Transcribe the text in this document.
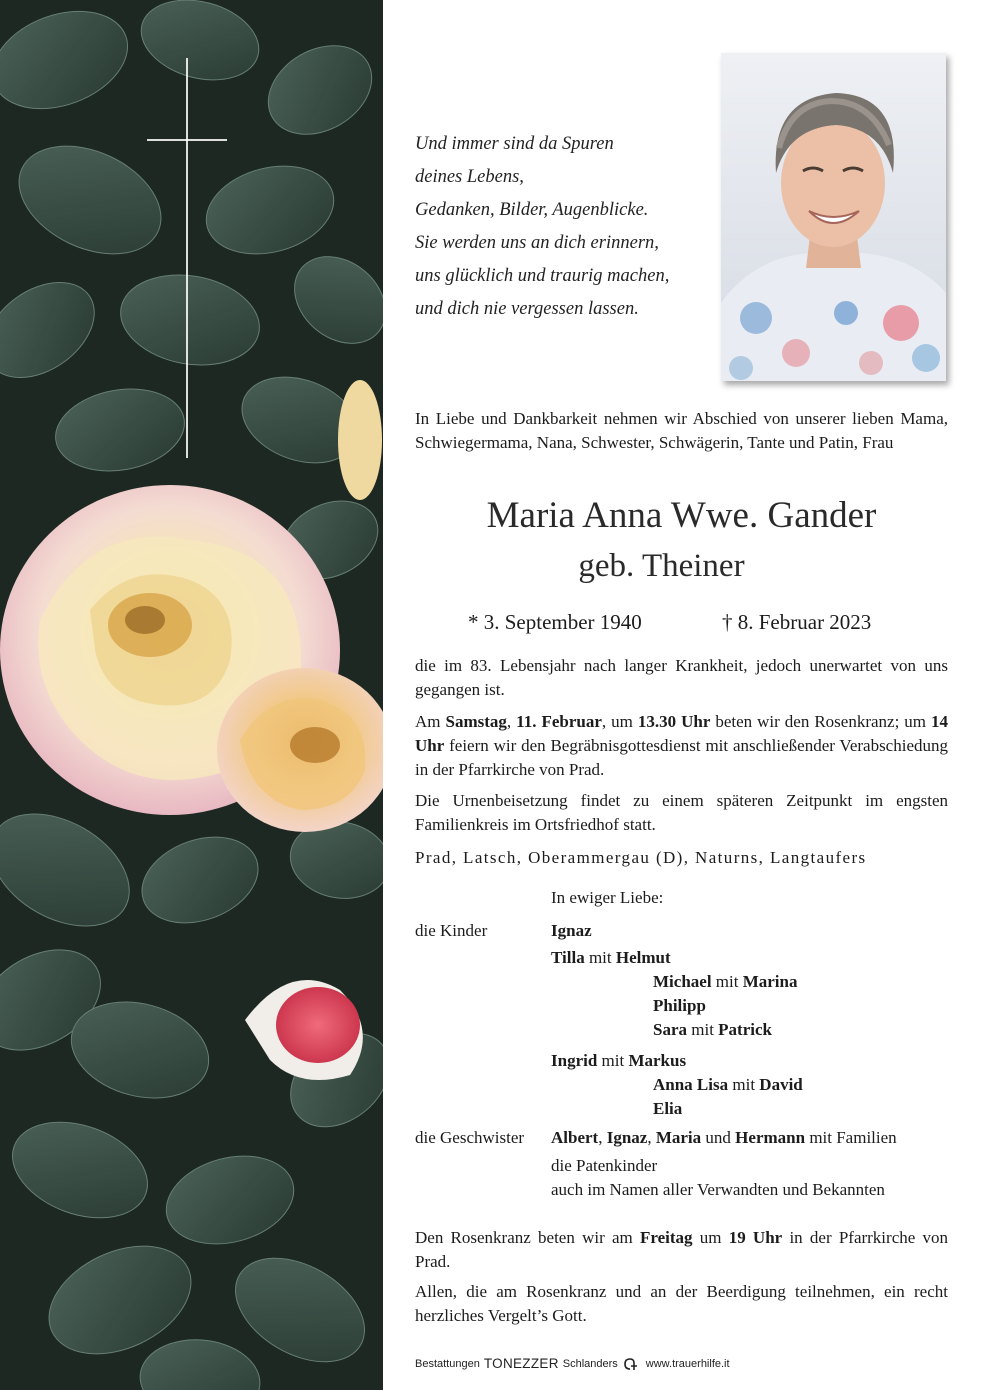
Und immer sind da Spuren
deines Lebens,
Gedanken, Bilder, Augenblicke.
Sie werden uns an dich erinnern,
uns glücklich und traurig machen,
und dich nie vergessen lassen.
In Liebe und Dankbarkeit nehmen wir Abschied von unserer lieben Mama, Schwiegermama, Nana, Schwester, Schwägerin, Tante und Patin, Frau
Maria Anna Wwe. Gander
geb. Theiner
* 3. September 1940	† 8. Februar 2023
die im 83. Lebensjahr nach langer Krankheit, jedoch unerwartet von uns gegangen ist.
Am Samstag, 11. Februar, um 13.30 Uhr beten wir den Rosenkranz; um 14 Uhr feiern wir den Begräbnisgottesdienst mit anschließender Verabschiedung in der Pfarrkirche von Prad.
Die Urnenbeisetzung findet zu einem späteren Zeitpunkt im engsten Familienkreis im Ortsfriedhof statt.
Prad, Latsch, Oberammergau (D), Naturns, Langtaufers
In ewiger Liebe:
die Kinder	Ignaz
Tilla mit Helmut
Michael mit Marina
Philipp
Sara mit Patrick
Ingrid mit Markus
Anna Lisa mit David
Elia
die Geschwister Albert, Ignaz, Maria und Hermann mit Familien
die Patenkinder
auch im Namen aller Verwandten und Bekannten
Den Rosenkranz beten wir am Freitag um 19 Uhr in der Pfarrkirche von Prad.
Allen, die am Rosenkranz und an der Beerdigung teilnehmen, ein recht herzliches Vergelt’s Gott.
Bestattungen TONEZZER Schlanders	www.trauerhilfe.it
